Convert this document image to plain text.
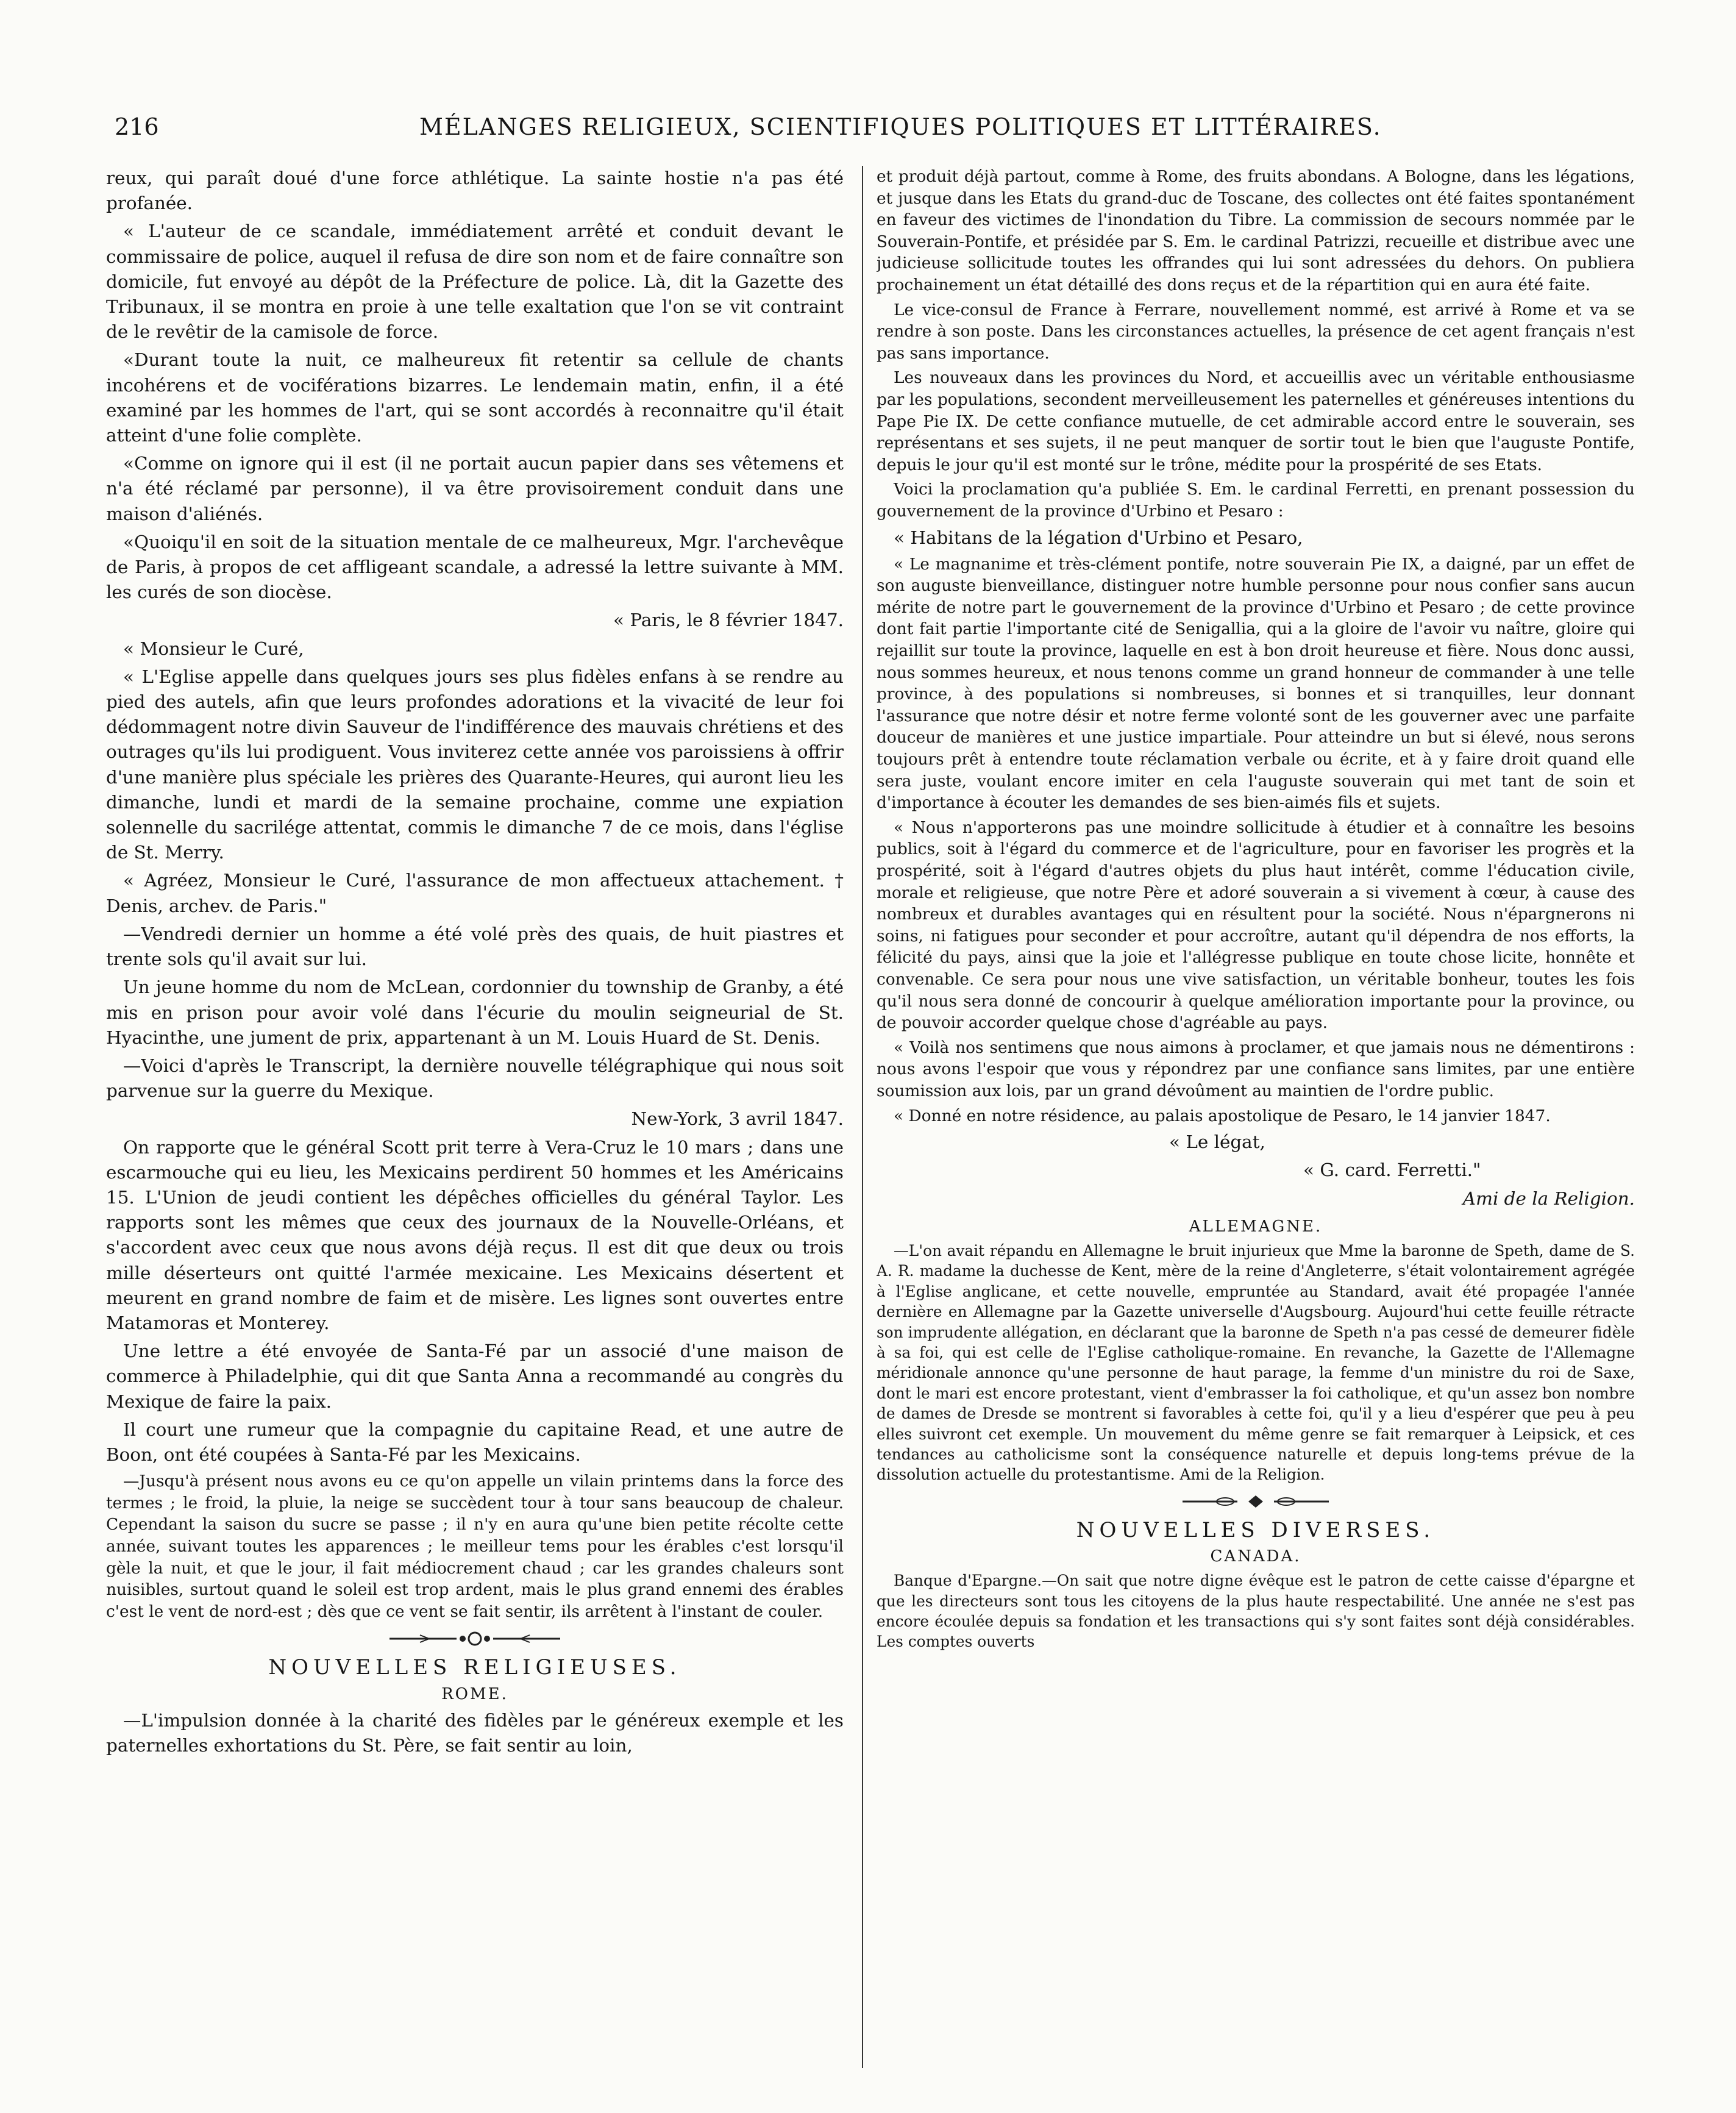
216	MÉLANGES RELIGIEUX, SCIENTIFIQUES POLITIQUES ET LITTÉRAIRES.

reux, qui paraît doué d'une force athlétique. La sainte hostie n'a pas été profanée.

« L'auteur de ce scandale, immédiatement arrêté et conduit devant le commissaire de police, auquel il refusa de dire son nom et de faire connaître son domicile, fut envoyé au dépôt de la Préfecture de police. Là, dit la Gazette des Tribunaux, il se montra en proie à une telle exaltation que l'on se vit contraint de le revêtir de la camisole de force.

«Durant toute la nuit, ce malheureux fit retentir sa cellule de chants incohérens et de vociférations bizarres. Le lendemain matin, enfin, il a été examiné par les hommes de l'art, qui se sont accordés à reconnaitre qu'il était atteint d'une folie complète.

«Comme on ignore qui il est (il ne portait aucun papier dans ses vêtemens et n'a été réclamé par personne), il va être provisoirement conduit dans une maison d'aliénés.

«Quoiqu'il en soit de la situation mentale de ce malheureux, Mgr. l'archevêque de Paris, à propos de cet affligeant scandale, a adressé la lettre suivante à MM. les curés de son diocèse.

« Paris, le 8 février 1847.

« Monsieur le Curé,

« L'Eglise appelle dans quelques jours ses plus fidèles enfans à se rendre au pied des autels, afin que leurs profondes adorations et la vivacité de leur foi dédommagent notre divin Sauveur de l'indifférence des mauvais chrétiens et des outrages qu'ils lui prodiguent. Vous inviterez cette année vos paroissiens à offrir d'une manière plus spéciale les prières des Quarante-Heures, qui auront lieu les dimanche, lundi et mardi de la semaine prochaine, comme une expiation solennelle du sacrilége attentat, commis le dimanche 7 de ce mois, dans l'église de St. Merry.

« Agréez, Monsieur le Curé, l'assurance de mon affectueux attachement. † Denis, archev. de Paris."

—Vendredi dernier un homme a été volé près des quais, de huit piastres et trente sols qu'il avait sur lui.

Un jeune homme du nom de McLean, cordonnier du township de Granby, a été mis en prison pour avoir volé dans l'écurie du moulin seigneurial de St. Hyacinthe, une jument de prix, appartenant à un M. Louis Huard de St. Denis.

—Voici d'après le Transcript, la dernière nouvelle télégraphique qui nous soit parvenue sur la guerre du Mexique.

New-York, 3 avril 1847.

On rapporte que le général Scott prit terre à Vera-Cruz le 10 mars ; dans une escarmouche qui eu lieu, les Mexicains perdirent 50 hommes et les Américains 15. L'Union de jeudi contient les dépêches officielles du général Taylor. Les rapports sont les mêmes que ceux des journaux de la Nouvelle-Orléans, et s'accordent avec ceux que nous avons déjà reçus. Il est dit que deux ou trois mille déserteurs ont quitté l'armée mexicaine. Les Mexicains désertent et meurent en grand nombre de faim et de misère. Les lignes sont ouvertes entre Matamoras et Monterey.

Une lettre a été envoyée de Santa-Fé par un associé d'une maison de commerce à Philadelphie, qui dit que Santa Anna a recommandé au congrès du Mexique de faire la paix.

Il court une rumeur que la compagnie du capitaine Read, et une autre de Boon, ont été coupées à Santa-Fé par les Mexicains.

—Jusqu'à présent nous avons eu ce qu'on appelle un vilain printems dans la force des termes ; le froid, la pluie, la neige se succèdent tour à tour sans beaucoup de chaleur. Cependant la saison du sucre se passe ; il n'y en aura qu'une bien petite récolte cette année, suivant toutes les apparences ; le meilleur tems pour les érables c'est lorsqu'il gèle la nuit, et que le jour, il fait médiocrement chaud ; car les grandes chaleurs sont nuisibles, surtout quand le soleil est trop ardent, mais le plus grand ennemi des érables c'est le vent de nord-est ; dès que ce vent se fait sentir, ils arrêtent à l'instant de couler.

NOUVELLES RELIGIEUSES.

ROME.

—L'impulsion donnée à la charité des fidèles par le généreux exemple et les paternelles exhortations du St. Père, se fait sentir au loin,

et produit déjà partout, comme à Rome, des fruits abondans. A Bologne, dans les légations, et jusque dans les Etats du grand-duc de Toscane, des collectes ont été faites spontanément en faveur des victimes de l'inondation du Tibre. La commission de secours nommée par le Souverain-Pontife, et présidée par S. Em. le cardinal Patrizzi, recueille et distribue avec une judicieuse sollicitude toutes les offrandes qui lui sont adressées du dehors. On publiera prochainement un état détaillé des dons reçus et de la répartition qui en aura été faite.

Le vice-consul de France à Ferrare, nouvellement nommé, est arrivé à Rome et va se rendre à son poste. Dans les circonstances actuelles, la présence de cet agent français n'est pas sans importance.

Les nouveaux dans les provinces du Nord, et accueillis avec un véritable enthousiasme par les populations, secondent merveilleusement les paternelles et généreuses intentions du Pape Pie IX. De cette confiance mutuelle, de cet admirable accord entre le souverain, ses représentans et ses sujets, il ne peut manquer de sortir tout le bien que l'auguste Pontife, depuis le jour qu'il est monté sur le trône, médite pour la prospérité de ses Etats.

Voici la proclamation qu'a publiée S. Em. le cardinal Ferretti, en prenant possession du gouvernement de la province d'Urbino et Pesaro :

« Habitans de la légation d'Urbino et Pesaro,

« Le magnanime et très-clément pontife, notre souverain Pie IX, a daigné, par un effet de son auguste bienveillance, distinguer notre humble personne pour nous confier sans aucun mérite de notre part le gouvernement de la province d'Urbino et Pesaro ; de cette province dont fait partie l'importante cité de Senigallia, qui a la gloire de l'avoir vu naître, gloire qui rejaillit sur toute la province, laquelle en est à bon droit heureuse et fière. Nous donc aussi, nous sommes heureux, et nous tenons comme un grand honneur de commander à une telle province, à des populations si nombreuses, si bonnes et si tranquilles, leur donnant l'assurance que notre désir et notre ferme volonté sont de les gouverner avec une parfaite douceur de manières et une justice impartiale. Pour atteindre un but si élevé, nous serons toujours prêt à entendre toute réclamation verbale ou écrite, et à y faire droit quand elle sera juste, voulant encore imiter en cela l'auguste souverain qui met tant de soin et d'importance à écouter les demandes de ses bien-aimés fils et sujets.

« Nous n'apporterons pas une moindre sollicitude à étudier et à connaître les besoins publics, soit à l'égard du commerce et de l'agriculture, pour en favoriser les progrès et la prospérité, soit à l'égard d'autres objets du plus haut intérêt, comme l'éducation civile, morale et religieuse, que notre Père et adoré souverain a si vivement à cœur, à cause des nombreux et durables avantages qui en résultent pour la société. Nous n'épargnerons ni soins, ni fatigues pour seconder et pour accroître, autant qu'il dépendra de nos efforts, la félicité du pays, ainsi que la joie et l'allégresse publique en toute chose licite, honnête et convenable. Ce sera pour nous une vive satisfaction, un véritable bonheur, toutes les fois qu'il nous sera donné de concourir à quelque amélioration importante pour la province, ou de pouvoir accorder quelque chose d'agréable au pays.

« Voilà nos sentimens que nous aimons à proclamer, et que jamais nous ne démentirons : nous avons l'espoir que vous y répondrez par une confiance sans limites, par une entière soumission aux lois, par un grand dévoûment au maintien de l'ordre public.

« Donné en notre résidence, au palais apostolique de Pesaro, le 14 janvier 1847.

« Le légat,

« G. card. Ferretti."

Ami de la Religion.

ALLEMAGNE.

—L'on avait répandu en Allemagne le bruit injurieux que Mme la baronne de Speth, dame de S. A. R. madame la duchesse de Kent, mère de la reine d'Angleterre, s'était volontairement agrégée à l'Eglise anglicane, et cette nouvelle, empruntée au Standard, avait été propagée l'année dernière en Allemagne par la Gazette universelle d'Augsbourg. Aujourd'hui cette feuille rétracte son imprudente allégation, en déclarant que la baronne de Speth n'a pas cessé de demeurer fidèle à sa foi, qui est celle de l'Eglise catholique-romaine. En revanche, la Gazette de l'Allemagne méridionale annonce qu'une personne de haut parage, la femme d'un ministre du roi de Saxe, dont le mari est encore protestant, vient d'embrasser la foi catholique, et qu'un assez bon nombre de dames de Dresde se montrent si favorables à cette foi, qu'il y a lieu d'espérer que peu à peu elles suivront cet exemple. Un mouvement du même genre se fait remarquer à Leipsick, et ces tendances au catholicisme sont la conséquence naturelle et depuis long-tems prévue de la dissolution actuelle du protestantisme. Ami de la Religion.

NOUVELLES DIVERSES.

CANADA.

Banque d'Epargne.—On sait que notre digne évêque est le patron de cette caisse d'épargne et que les directeurs sont tous les citoyens de la plus haute respectabilité. Une année ne s'est pas encore écoulée depuis sa fondation et les transactions qui s'y sont faites sont déjà considérables. Les comptes ouverts
